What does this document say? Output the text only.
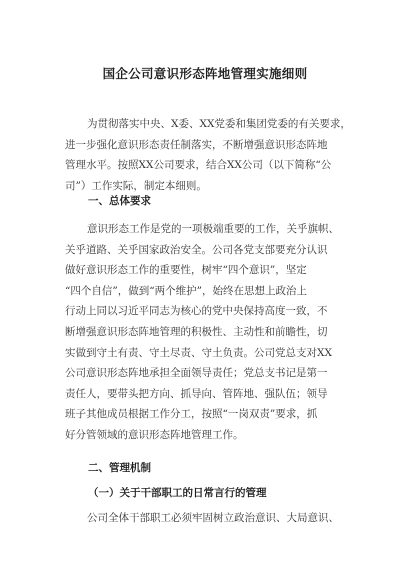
国企公司意识形态阵地管理实施细则
为贯彻落实中央、X委、XX党委和集团党委的有关要求，
进一步强化意识形态责任制落实，不断增强意识形态阵地
管理水平。按照XX公司要求，结合XX公司（以下简称“公
司”）工作实际，制定本细则。
一、总体要求
意识形态工作是党的一项极端重要的工作，关乎旗帜、
关乎道路、关乎国家政治安全。公司各党支部要充分认识
做好意识形态工作的重要性，树牢“四个意识”，坚定
“四个自信”，做到“两个维护”，始终在思想上政治上
行动上同以习近平同志为核心的党中央保持高度一致，不
断增强意识形态阵地管理的积极性、主动性和前瞻性，切
实做到守土有责、守土尽责、守土负责。公司党总支对XX
公司意识形态阵地承担全面领导责任；党总支书记是第一
责任人，要带头把方向、抓导向、管阵地、强队伍；领导
班子其他成员根据工作分工，按照“一岗双责”要求，抓
好分管领域的意识形态阵地管理工作。
二、管理机制
（一）关于干部职工的日常言行的管理
公司全体干部职工必须牢固树立政治意识、大局意识、
